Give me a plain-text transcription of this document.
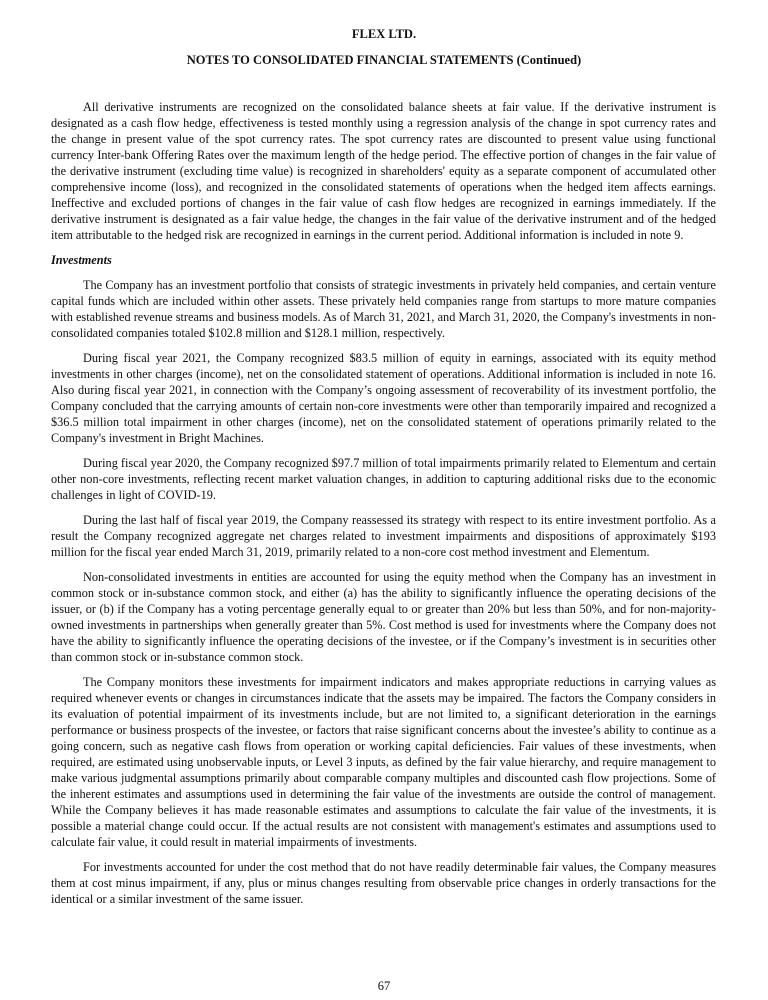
FLEX LTD.
NOTES TO CONSOLIDATED FINANCIAL STATEMENTS (Continued)

All derivative instruments are recognized on the consolidated balance sheets at fair value. If the derivative instrument is designated as a cash flow hedge, effectiveness is tested monthly using a regression analysis of the change in spot currency rates and the change in present value of the spot currency rates. The spot currency rates are discounted to present value using functional currency Inter-bank Offering Rates over the maximum length of the hedge period. The effective portion of changes in the fair value of the derivative instrument (excluding time value) is recognized in shareholders' equity as a separate component of accumulated other comprehensive income (loss), and recognized in the consolidated statements of operations when the hedged item affects earnings. Ineffective and excluded portions of changes in the fair value of cash flow hedges are recognized in earnings immediately. If the derivative instrument is designated as a fair value hedge, the changes in the fair value of the derivative instrument and of the hedged item attributable to the hedged risk are recognized in earnings in the current period. Additional information is included in note 9.

Investments

The Company has an investment portfolio that consists of strategic investments in privately held companies, and certain venture capital funds which are included within other assets. These privately held companies range from startups to more mature companies with established revenue streams and business models. As of March 31, 2021, and March 31, 2020, the Company's investments in non-consolidated companies totaled $102.8 million and $128.1 million, respectively.

During fiscal year 2021, the Company recognized $83.5 million of equity in earnings, associated with its equity method investments in other charges (income), net on the consolidated statement of operations. Additional information is included in note 16. Also during fiscal year 2021, in connection with the Company’s ongoing assessment of recoverability of its investment portfolio, the Company concluded that the carrying amounts of certain non-core investments were other than temporarily impaired and recognized a $36.5 million total impairment in other charges (income), net on the consolidated statement of operations primarily related to the Company's investment in Bright Machines.

During fiscal year 2020, the Company recognized $97.7 million of total impairments primarily related to Elementum and certain other non-core investments, reflecting recent market valuation changes, in addition to capturing additional risks due to the economic challenges in light of COVID-19.

During the last half of fiscal year 2019, the Company reassessed its strategy with respect to its entire investment portfolio. As a result the Company recognized aggregate net charges related to investment impairments and dispositions of approximately $193 million for the fiscal year ended March 31, 2019, primarily related to a non-core cost method investment and Elementum.

Non-consolidated investments in entities are accounted for using the equity method when the Company has an investment in common stock or in-substance common stock, and either (a) has the ability to significantly influence the operating decisions of the issuer, or (b) if the Company has a voting percentage generally equal to or greater than 20% but less than 50%, and for non-majority-owned investments in partnerships when generally greater than 5%. Cost method is used for investments where the Company does not have the ability to significantly influence the operating decisions of the investee, or if the Company’s investment is in securities other than common stock or in-substance common stock.

The Company monitors these investments for impairment indicators and makes appropriate reductions in carrying values as required whenever events or changes in circumstances indicate that the assets may be impaired. The factors the Company considers in its evaluation of potential impairment of its investments include, but are not limited to, a significant deterioration in the earnings performance or business prospects of the investee, or factors that raise significant concerns about the investee’s ability to continue as a going concern, such as negative cash flows from operation or working capital deficiencies. Fair values of these investments, when required, are estimated using unobservable inputs, or Level 3 inputs, as defined by the fair value hierarchy, and require management to make various judgmental assumptions primarily about comparable company multiples and discounted cash flow projections. Some of the inherent estimates and assumptions used in determining the fair value of the investments are outside the control of management. While the Company believes it has made reasonable estimates and assumptions to calculate the fair value of the investments, it is possible a material change could occur. If the actual results are not consistent with management's estimates and assumptions used to calculate fair value, it could result in material impairments of investments.

For investments accounted for under the cost method that do not have readily determinable fair values, the Company measures them at cost minus impairment, if any, plus or minus changes resulting from observable price changes in orderly transactions for the identical or a similar investment of the same issuer.

67
